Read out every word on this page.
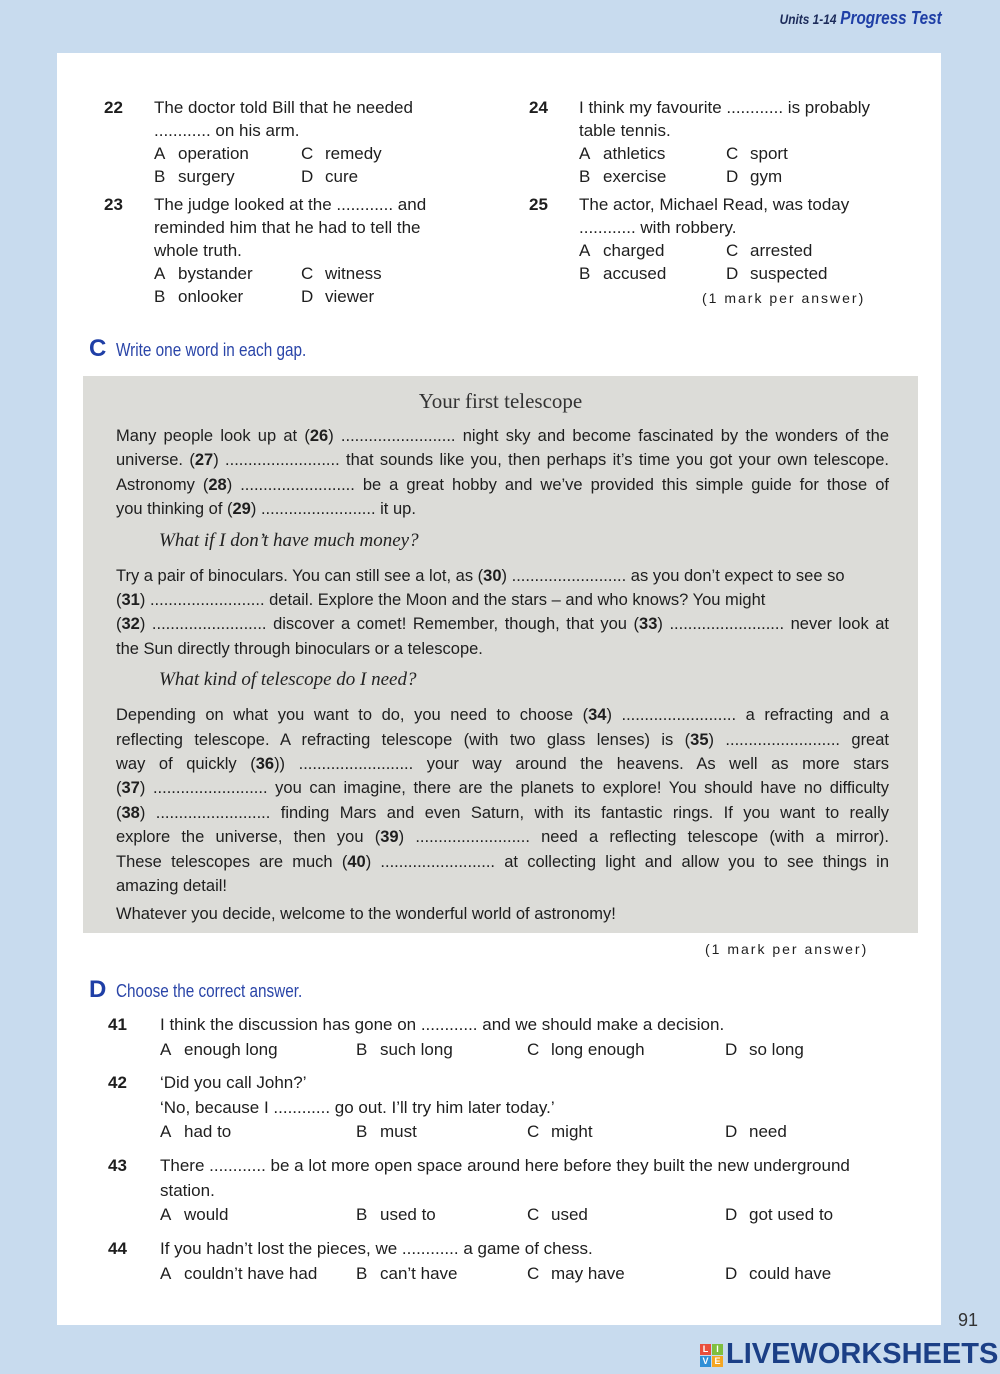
Units 1-14 Progress Test
22 The doctor told Bill that he needed
............ on his arm.
A operation	C remedy
B surgery	D cure
23 The judge looked at the ............ and
reminded him that he had to tell the
whole truth.
A bystander	C witness
B onlooker	D viewer
24 I think my favourite ............ is probably
table tennis.
A athletics	C sport
B exercise	D gym
25 The actor, Michael Read, was today
............ with robbery.
A charged	C arrested
B accused	D suspected
(1 mark per answer)
C Write one word in each gap.
Your first telescope
Many people look up at (26) ......................... night sky and become fascinated by the wonders of the
universe. (27) ......................... that sounds like you, then perhaps it’s time you got your own telescope.
Astronomy (28) ......................... be a great hobby and we’ve provided this simple guide for those of
you thinking of (29) ......................... it up.
What if I don’t have much money?
Try a pair of binoculars. You can still see a lot, as (30) ......................... as you don’t expect to see so
(31) ......................... detail. Explore the Moon and the stars – and who knows? You might
(32) ......................... discover a comet! Remember, though, that you (33) ......................... never look at
the Sun directly through binoculars or a telescope.
What kind of telescope do I need?
Depending on what you want to do, you need to choose (34) ......................... a refracting and a
reflecting telescope. A refracting telescope (with two glass lenses) is (35) ......................... great
way of quickly (36)) ......................... your way around the heavens. As well as more stars
(37) ......................... you can imagine, there are the planets to explore! You should have no difficulty
(38) ......................... finding Mars and even Saturn, with its fantastic rings. If you want to really
explore the universe, then you (39) ......................... need a reflecting telescope (with a mirror).
These telescopes are much (40) ......................... at collecting light and allow you to see things in
amazing detail!
Whatever you decide, welcome to the wonderful world of astronomy!
(1 mark per answer)
D Choose the correct answer.
41 I think the discussion has gone on ............ and we should make a decision.
A enough long	B such long	C long enough	D so long
42 ‘Did you call John?’
‘No, because I ............ go out. I’ll try him later today.’
A had to	B must	C might	D need
43 There ............ be a lot more open space around here before they built the new underground
station.
A would	B used to	C used	D got used to
44 If you hadn’t lost the pieces, we ............ a game of chess.
A couldn’t have had B can’t have	C may have	D could have
L I
V E LIVEWORKSHEETS
91
